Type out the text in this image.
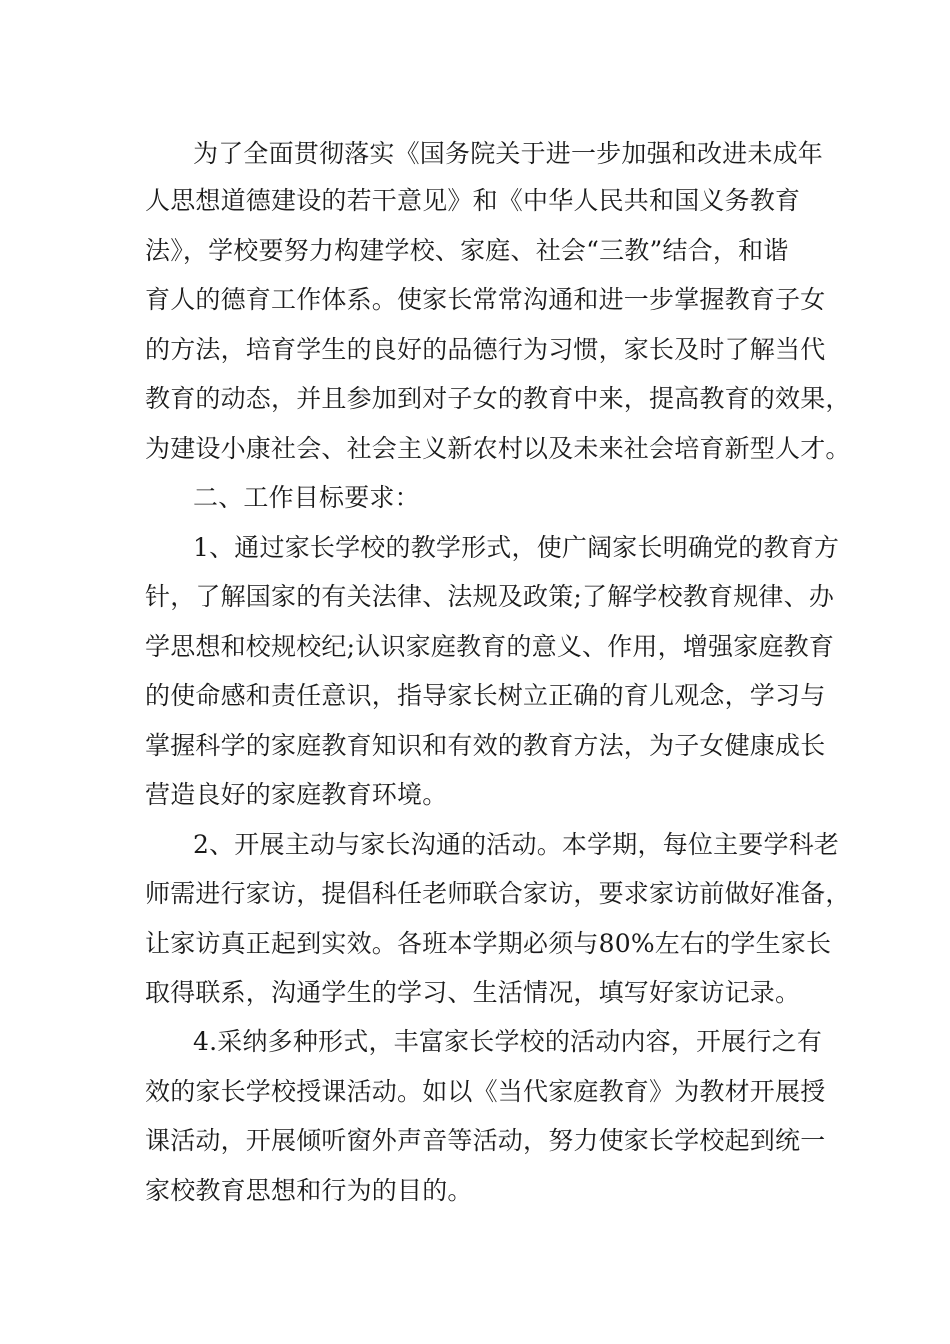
为了全面贯彻落实《国务院关于进一步加强和改进未成年
人思想道德建设的若干意见》和《中华人民共和国义务教育
法》，学校要努力构建学校、家庭、社会“三教”结合，和谐
育人的德育工作体系。使家长常常沟通和进一步掌握教育子女
的方法，培育学生的良好的品德行为习惯，家长及时了解当代
教育的动态，并且参加到对子女的教育中来，提高教育的效果，
为建设小康社会、社会主义新农村以及未来社会培育新型人才。
二、工作目标要求：
1、通过家长学校的教学形式，使广阔家长明确党的教育方
针，了解国家的有关法律、法规及政策;了解学校教育规律、办
学思想和校规校纪;认识家庭教育的意义、作用，增强家庭教育
的使命感和责任意识，指导家长树立正确的育儿观念，学习与
掌握科学的家庭教育知识和有效的教育方法，为子女健康成长
营造良好的家庭教育环境。
2、开展主动与家长沟通的活动。本学期，每位主要学科老
师需进行家访，提倡科任老师联合家访，要求家访前做好准备，
让家访真正起到实效。各班本学期必须与80%左右的学生家长
取得联系，沟通学生的学习、生活情况，填写好家访记录。
4.采纳多种形式，丰富家长学校的活动内容，开展行之有
效的家长学校授课活动。如以《当代家庭教育》为教材开展授
课活动，开展倾听窗外声音等活动，努力使家长学校起到统一
家校教育思想和行为的目的。
